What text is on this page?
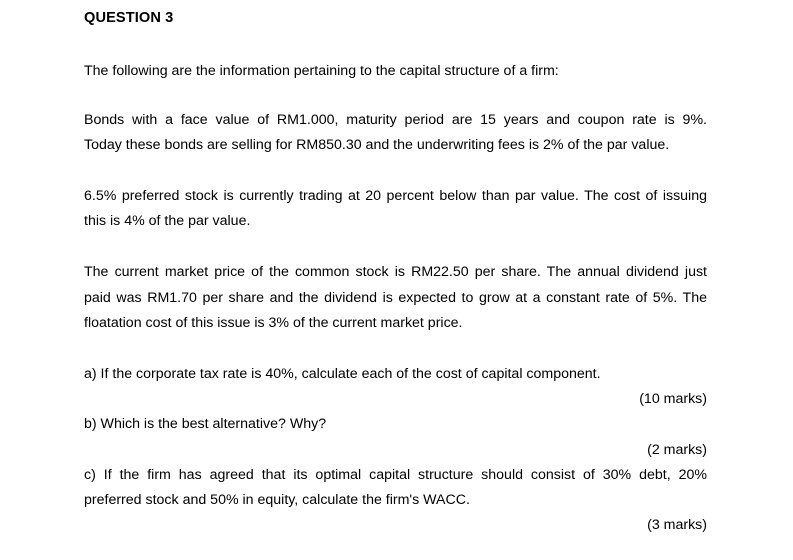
QUESTION 3
The following are the information pertaining to the capital structure of a firm:
Bonds with a face value of RM1.000, maturity period are 15 years and coupon rate is 9%.
Today these bonds are selling for RM850.30 and the underwriting fees is 2% of the par value.
6.5% preferred stock is currently trading at 20 percent below than par value. The cost of issuing
this is 4% of the par value.
The current market price of the common stock is RM22.50 per share. The annual dividend just
paid was RM1.70 per share and the dividend is expected to grow at a constant rate of 5%. The
floatation cost of this issue is 3% of the current market price.
a) If the corporate tax rate is 40%, calculate each of the cost of capital component.
(10 marks)
b) Which is the best alternative? Why?
(2 marks)
c) If the firm has agreed that its optimal capital structure should consist of 30% debt, 20%
preferred stock and 50% in equity, calculate the firm's WACC.
(3 marks)
